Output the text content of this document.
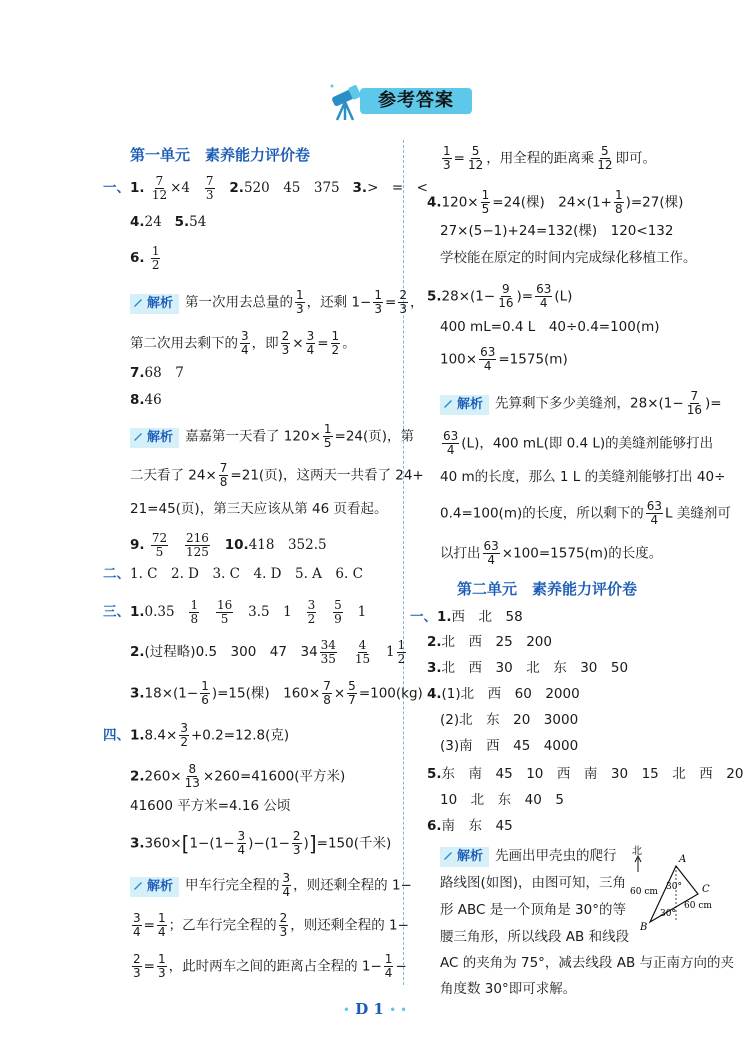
参考答案
第一单元　素养能力评价卷
一、1. $\frac{7}{12} \times 4 \frac{7}{3} 2.520$　45　375 3.>　=　<
4.24 5.54
6. $\frac{1}{2}$
解析 第一次用去总量的 $\frac{1}{3}$ ，还剩 $1- \frac{1}{3} = \frac{2}{3}$ ，
第二次用去剩下的 $\frac{3}{4}$ ，即 $\frac{2}{3} \times \frac{3}{4} = \frac{1}{2}$ 。
7.68　7
8.46
解析 嘉嘉第一天看了 $120\times \frac{1}{5} =24$(页)，第
二天看了 $24\times \frac{7}{8} =21$(页)，这两天一共看了 24+
21=45(页)，第三天应该从第 46 页看起。
9. $\frac{72}{5}$
$\frac{216}{125} 10.418$　352.5
二、1. C　2. D　3. C　4. D　5. A　6. C
三、$1.0.35 \frac{1}{8}$
$\frac{16}{5} 3.5$　$1 \frac{3}{2}$
$\frac{5}{9} 1$
2.(过程略)0.5　300　47　$34 \frac{34}{35}$
$\frac{4}{15} 1 \frac{1}{2}$
$3.18\times(1- \frac{1}{6} )=15$(棵)　$160\times \frac{7}{8} \times \frac{5}{7} =100(kg)$
四、$1.8.4\times \frac{3}{2} +0.2=12.8$(克)
$2.260\times \frac{8}{13} \times 260=41600$(平方米)
41600 平方米=4.16 公顷
$3.360\times[1-(1- \frac{3}{4} )-(1- \frac{2}{3} )]=150$(千米)
解析 甲车行完全程的 $\frac{3}{4}$ ，则还剩全程的 1−
$\frac{3}{4} = \frac{1}{4}$ ；乙车行完全程的 $\frac{2}{3}$ ，则还剩全程的 1−
$\frac{2}{3} = \frac{1}{3}$ ，此时两车之间的距离占全程的 $1- \frac{1}{4}$ −
$\frac{1}{3} = \frac{5}{12}$ ，用全程的距离乘 $\frac{5}{12}$ 即可。
$4.120\times \frac{1}{5} =24$(棵)　$24\times(1+ \frac{1}{8} )=27$(棵)
27×(5−1)+24=132(棵)　120<132
学校能在原定的时间内完成绿化移植工作。
$5.28\times(1- \frac{9}{16}$ )= $\frac{63}{4} (L)$
400 mL=0.4 L　40÷0.4=100(m)
$100\times \frac{63}{4} =1575(m)$
解析 先算剩下多少美缝剂，$28\times(1- \frac{7}{16}$ )=
$\frac{63}{4} (L)$，400 mL(即 0.4 L)的美缝剂能够打出
40 m的长度，那么 1 L 的美缝剂能够打出 40÷
0.4=100(m)的长度，所以剩下的 $\frac{63}{4}$ L 美缝剂可
以打出 $\frac{63}{4} \times 100=1575(m)$的长度。
第二单元　素养能力评价卷
一、1.西　北　58
2.北　西　25　200
3.北　西　30　北　东　30　50
4.(1)北　西　60　2000
(2)北　东　20　3000
(3)南　西　45　4000
5.东　南　45　10　西　南　30　15　北　西　20
10　北　东　40　5
6.南　东　45
解析 先画出甲壳虫的爬行
路线图(如图)，由图可知，三角
形 ABC 是一个顶角是 30°的等
腰三角形，所以线段 AB 和线段
AC 的夹角为 75°，减去线段 AB 与正南方向的夹
角度数 30°即可求解。
北
A
C
B
60 cm
60 cm
30°
30°
• D 1 • •
